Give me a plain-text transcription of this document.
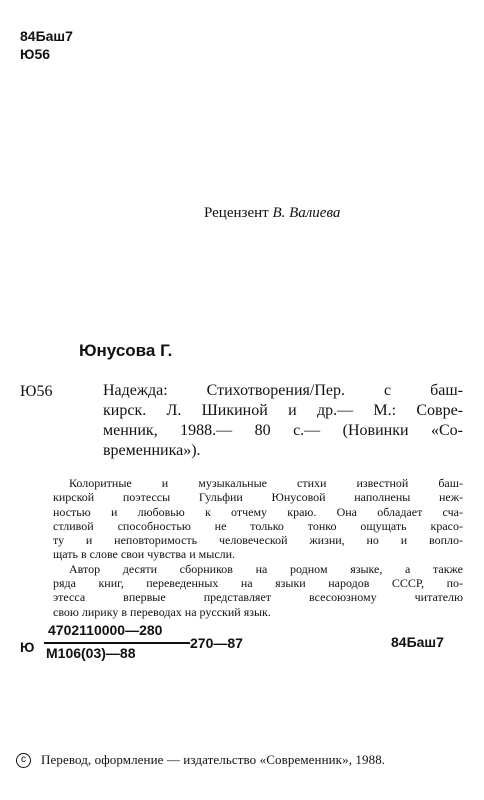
84Баш7
Ю56
Рецензент В. Валиева
Юнусова Г.
Ю56	Надежда: Стихотворения/Пер. с баш-
кирск. Л. Шикиной и др.— М.: Совре-
менник, 1988.— 80 с.— (Новинки «Со-
временника»).
Колоритные и музыкальные стихи известной баш-
кирской поэтессы Гульфии Юнусовой наполнены неж-
ностью и любовью к отчему краю. Она обладает сча-
стливой способностью не только тонко ощущать красо-
ту и неповторимость человеческой жизни, но и вопло-
щать в слове свои чувства и мысли.
Автор десяти сборников на родном языке, а также
ряда книг, переведенных на языки народов СССР, по-
этесса впервые представляет всесоюзному читателю
свою лирику в переводах на русский язык.
Ю
4702110000—280
М106(03)—88
270—87	84Баш7
c	Перевод, оформление — издательство «Современник», 1988.
